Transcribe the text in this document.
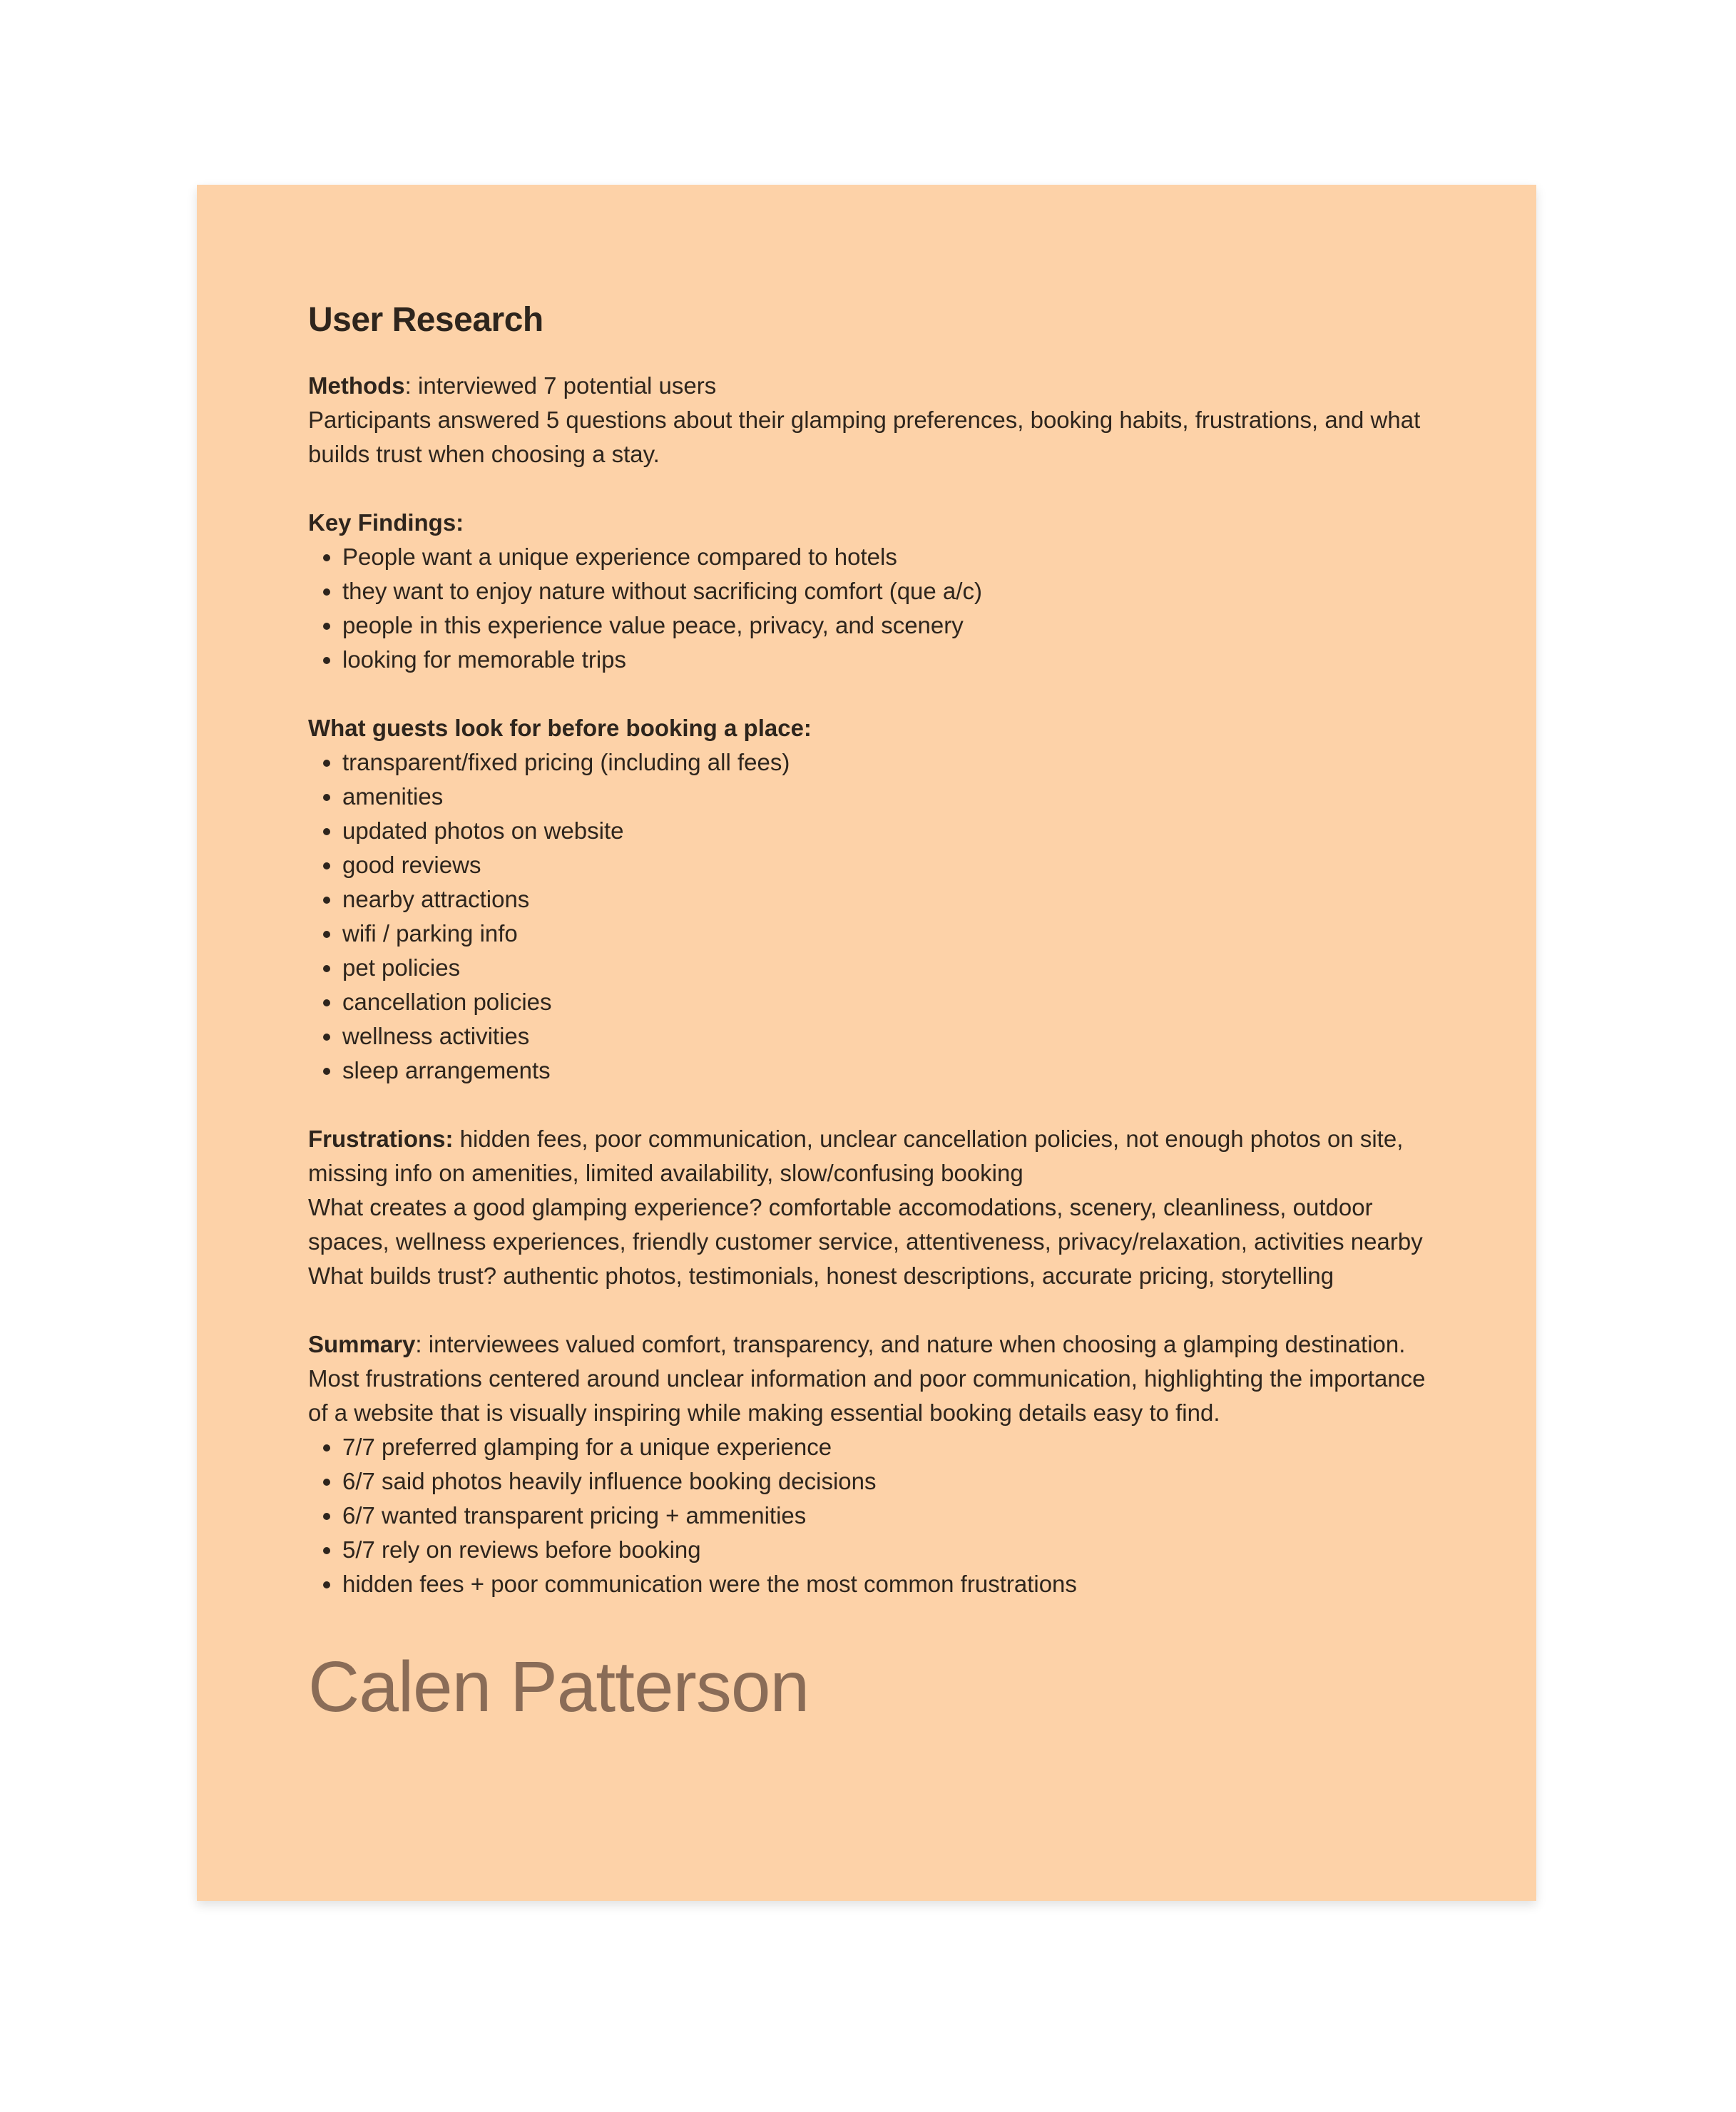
User Research

Methods: interviewed 7 potential users

Participants answered 5 questions about their glamping preferences, booking habits, frustrations, and what builds trust when choosing a stay.

Key Findings:

• People want a unique experience compared to hotels
• they want to enjoy nature without sacrificing comfort (que a/c)
• people in this experience value peace, privacy, and scenery
• looking for memorable trips

What guests look for before booking a place:

• transparent/fixed pricing (including all fees)
• amenities
• updated photos on website
• good reviews
• nearby attractions
• wifi / parking info
• pet policies
• cancellation policies
• wellness activities
• sleep arrangements

Frustrations: hidden fees, poor communication, unclear cancellation policies, not enough photos on site, missing info on amenities, limited availability, slow/confusing booking

What creates a good glamping experience? comfortable accomodations, scenery, cleanliness, outdoor spaces, wellness experiences, friendly customer service, attentiveness, privacy/relaxation, activities nearby

What builds trust? authentic photos, testimonials, honest descriptions, accurate pricing, storytelling

Summary: interviewees valued comfort, transparency, and nature when choosing a glamping destination. Most frustrations centered around unclear information and poor communication, highlighting the importance of a website that is visually inspiring while making essential booking details easy to find.

• 7/7 preferred glamping for a unique experience
• 6/7 said photos heavily influence booking decisions
• 6/7 wanted transparent pricing + ammenities
• 5/7 rely on reviews before booking
• hidden fees + poor communication were the most common frustrations
Calen Patterson
